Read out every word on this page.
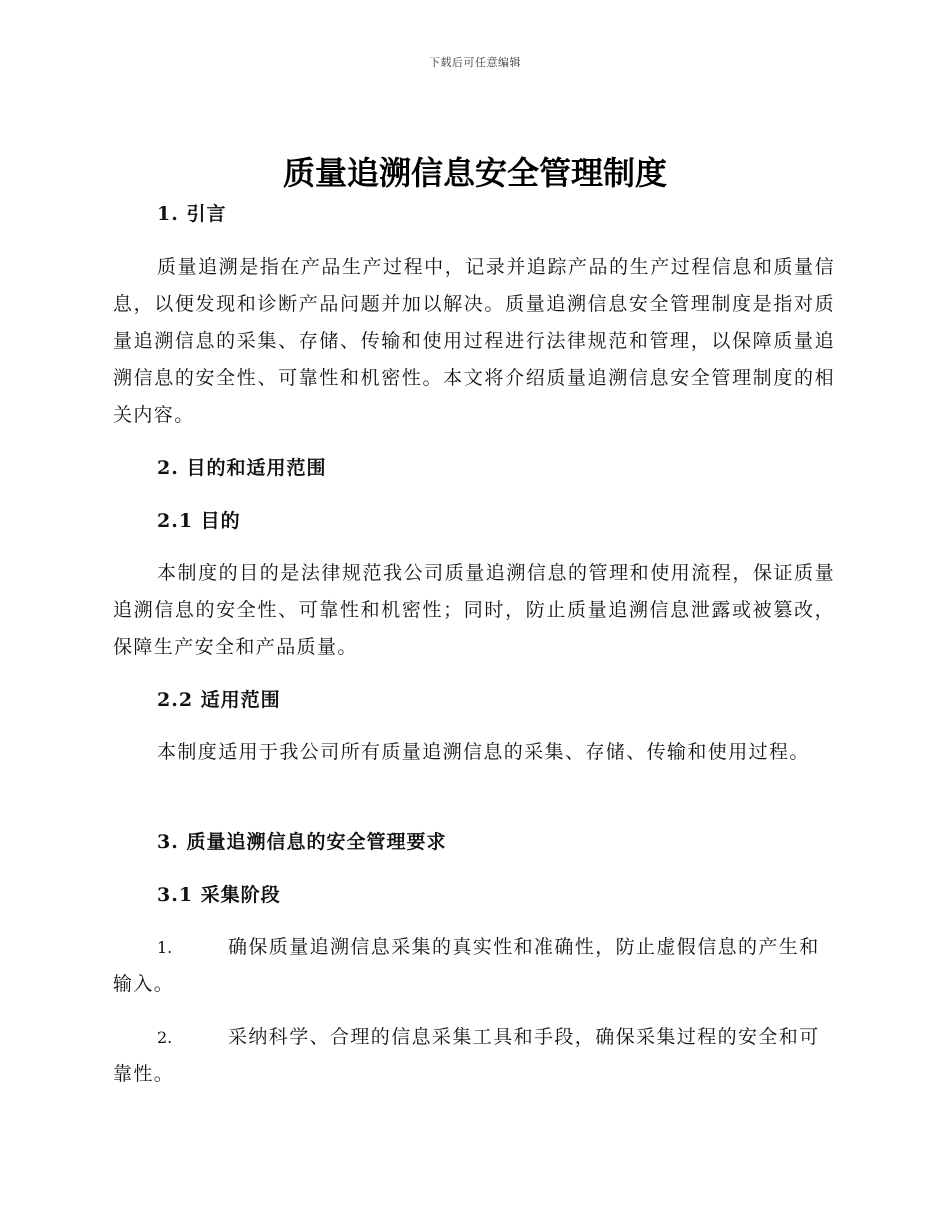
下载后可任意编辑
质量追溯信息安全管理制度
1. 引言

质量追溯是指在产品生产过程中，记录并追踪产品的生产过程信息和质量信息，以便发现和诊断产品问题并加以解决。质量追溯信息安全管理制度是指对质量追溯信息的采集、存储、传输和使用过程进行法律规范和管理，以保障质量追溯信息的安全性、可靠性和机密性。本文将介绍质量追溯信息安全管理制度的相关内容。

2. 目的和适用范围
2.1 目的

本制度的目的是法律规范我公司质量追溯信息的管理和使用流程，保证质量追溯信息的安全性、可靠性和机密性；同时，防止质量追溯信息泄露或被篡改，保障生产安全和产品质量。

2.2 适用范围

本制度适用于我公司所有质量追溯信息的采集、存储、传输和使用过程。

3. 质量追溯信息的安全管理要求
3.1 采集阶段

1.	确保质量追溯信息采集的真实性和准确性，防止虚假信息的产生和输入。

2.	采纳科学、合理的信息采集工具和手段，确保采集过程的安全和可靠性。
